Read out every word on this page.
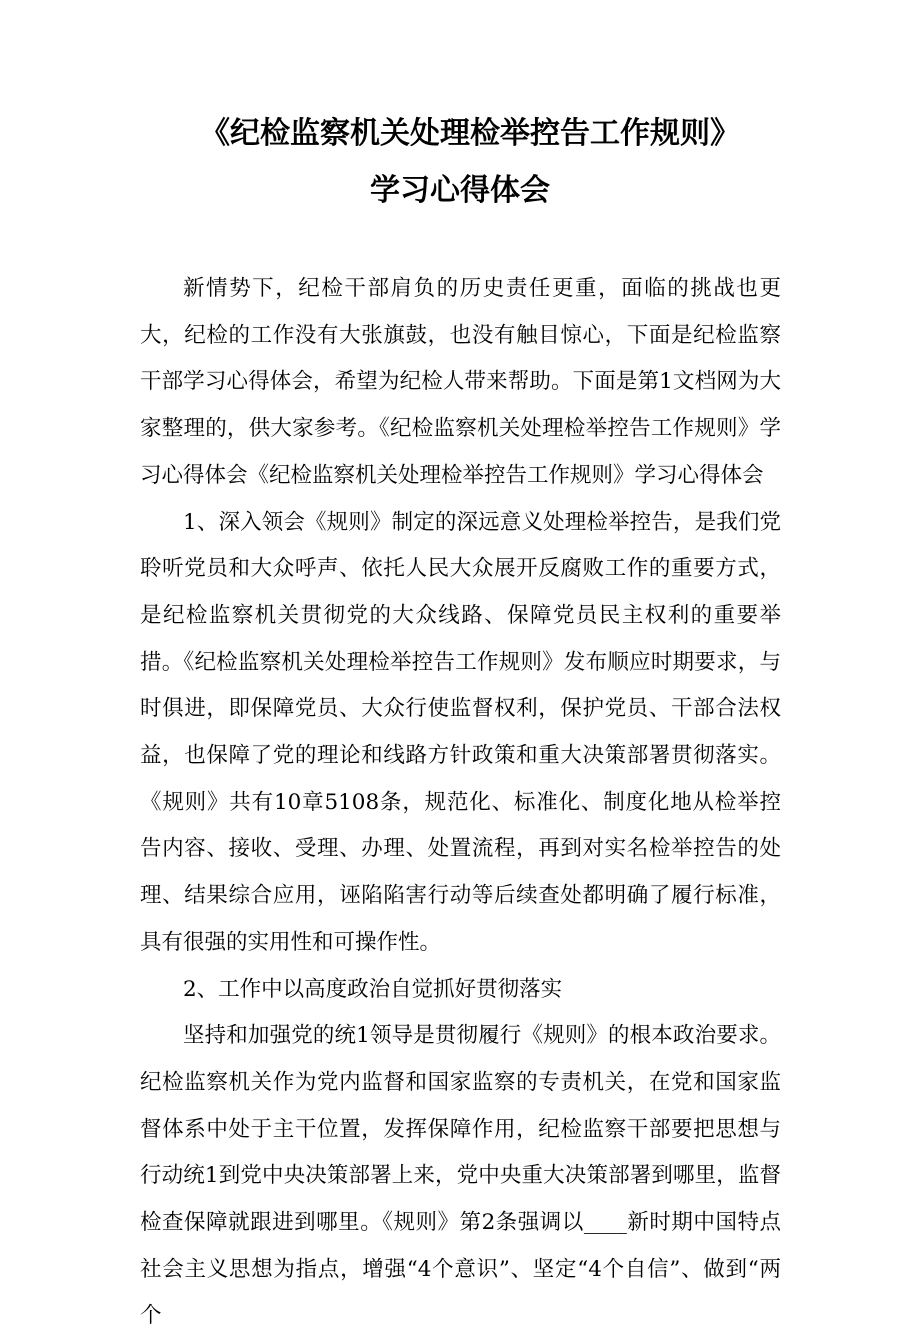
《纪检监察机关处理检举控告工作规则》
学习心得体会

新情势下，纪检干部肩负的历史责任更重，面临的挑战也更大，纪检的工作没有大张旗鼓，也没有触目惊心，下面是纪检监察干部学习心得体会，希望为纪检人带来帮助。下面是第1文档网为大家整理的，供大家参考。《纪检监察机关处理检举控告工作规则》学习心得体会《纪检监察机关处理检举控告工作规则》学习心得体会

1、深入领会《规则》制定的深远意义处理检举控告，是我们党聆听党员和大众呼声、依托人民大众展开反腐败工作的重要方式，是纪检监察机关贯彻党的大众线路、保障党员民主权利的重要举措。《纪检监察机关处理检举控告工作规则》发布顺应时期要求，与时俱进，即保障党员、大众行使监督权利，保护党员、干部合法权益，也保障了党的理论和线路方针政策和重大决策部署贯彻落实。《规则》共有10章5108条，规范化、标准化、制度化地从检举控告内容、接收、受理、办理、处置流程，再到对实名检举控告的处理、结果综合应用，诬陷陷害行动等后续查处都明确了履行标准，具有很强的实用性和可操作性。

2、工作中以高度政治自觉抓好贯彻落实

坚持和加强党的统1领导是贯彻履行《规则》的根本政治要求。纪检监察机关作为党内监督和国家监察的专责机关，在党和国家监督体系中处于主干位置，发挥保障作用，纪检监察干部要把思想与行动统1到党中央决策部署上来，党中央重大决策部署到哪里，监督检查保障就跟进到哪里。《规则》第2条强调以____新时期中国特点社会主义思想为指点，增强“4个意识”、坚定“4个自信”、做到“两个
